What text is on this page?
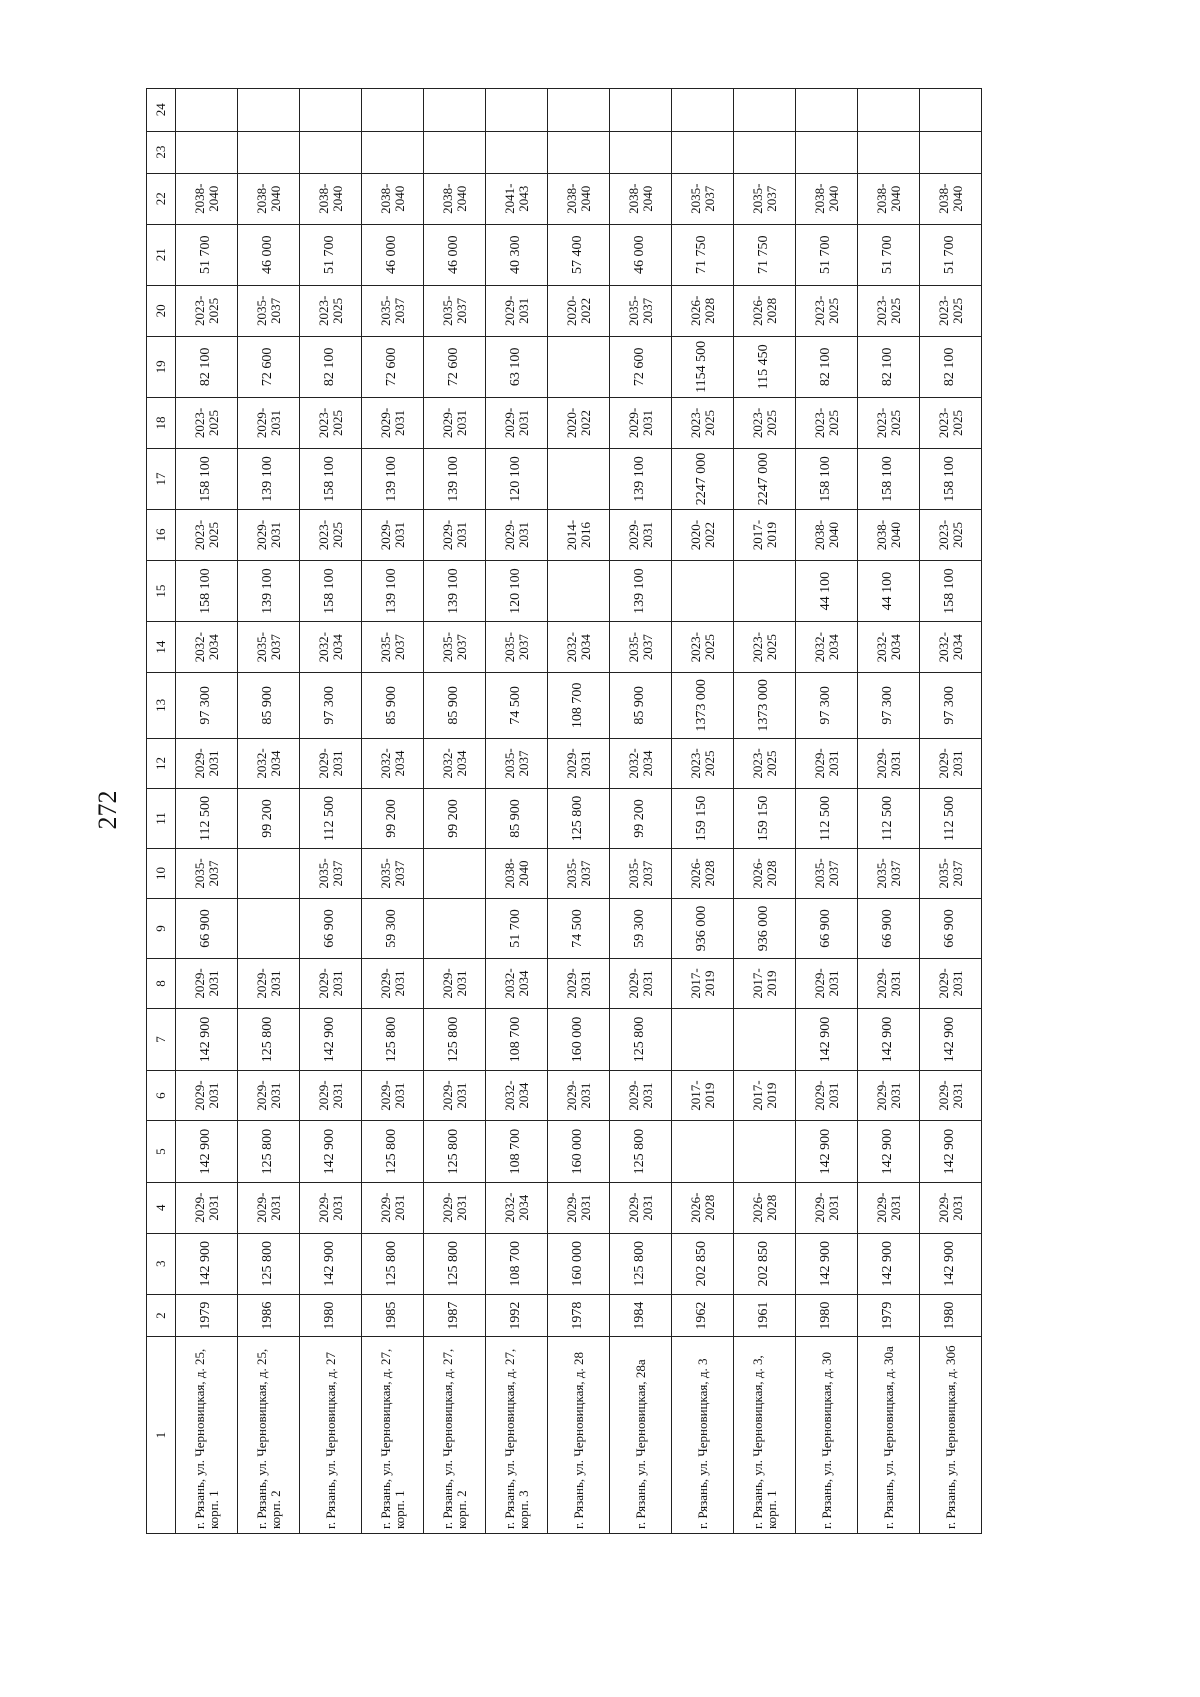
272
1	2	3	4	5	6	7	8	9	10	11	12	13	14	15	16	17	18	19	20	21	22	23	24
г. Рязань, ул. Черновицкая, д. 25, корп. 1	1979	142 900	2029-2031	142 900	2029-2031	142 900	2029-2031	66 900	2035-2037	112 500	2029-2031	97 300	2032-2034	158 100	2023-2025	158 100	2023-2025	82 100	2023-2025	51 700	2038-2040		
г. Рязань, ул. Черновицкая, д. 25, корп. 2	1986	125 800	2029-2031	125 800	2029-2031	125 800	2029-2031			99 200	2032-2034	85 900	2035-2037	139 100	2029-2031	139 100	2029-2031	72 600	2035-2037	46 000	2038-2040		
г. Рязань, ул. Черновицкая, д. 27	1980	142 900	2029-2031	142 900	2029-2031	142 900	2029-2031	66 900	2035-2037	112 500	2029-2031	97 300	2032-2034	158 100	2023-2025	158 100	2023-2025	82 100	2023-2025	51 700	2038-2040		
г. Рязань, ул. Черновицкая, д. 27, корп. 1	1985	125 800	2029-2031	125 800	2029-2031	125 800	2029-2031	59 300	2035-2037	99 200	2032-2034	85 900	2035-2037	139 100	2029-2031	139 100	2029-2031	72 600	2035-2037	46 000	2038-2040		
г. Рязань, ул. Черновицкая, д. 27, корп. 2	1987	125 800	2029-2031	125 800	2029-2031	125 800	2029-2031			99 200	2032-2034	85 900	2035-2037	139 100	2029-2031	139 100	2029-2031	72 600	2035-2037	46 000	2038-2040		
г. Рязань, ул. Черновицкая, д. 27, корп. 3	1992	108 700	2032-2034	108 700	2032-2034	108 700	2032-2034	51 700	2038-2040	85 900	2035-2037	74 500	2035-2037	120 100	2029-2031	120 100	2029-2031	63 100	2029-2031	40 300	2041-2043		
г. Рязань, ул. Черновицкая, д. 28	1978	160 000	2029-2031	160 000	2029-2031	160 000	2029-2031	74 500	2035-2037	125 800	2029-2031	108 700	2032-2034		2014-2016		2020-2022		2020-2022	57 400	2038-2040		
г. Рязань, ул. Черновицкая, 28а	1984	125 800	2029-2031	125 800	2029-2031	125 800	2029-2031	59 300	2035-2037	99 200	2032-2034	85 900	2035-2037	139 100	2029-2031	139 100	2029-2031	72 600	2035-2037	46 000	2038-2040		
г. Рязань, ул. Черновицкая, д. 3	1962	202 850	2026-2028		2017-2019		2017-2019	936 000	2026-2028	159 150	2023-2025	1373 000	2023-2025		2020-2022	2247 000	2023-2025	1154 500	2026-2028	71 750	2035-2037		
г. Рязань, ул. Черновицкая, д. 3, корп. 1	1961	202 850	2026-2028		2017-2019		2017-2019	936 000	2026-2028	159 150	2023-2025	1373 000	2023-2025		2017-2019	2247 000	2023-2025	115 450	2026-2028	71 750	2035-2037		
г. Рязань, ул. Черновицкая, д. 30	1980	142 900	2029-2031	142 900	2029-2031	142 900	2029-2031	66 900	2035-2037	112 500	2029-2031	97 300	2032-2034	44 100	2038-2040	158 100	2023-2025	82 100	2023-2025	51 700	2038-2040		
г. Рязань, ул. Черновицкая, д. 30а	1979	142 900	2029-2031	142 900	2029-2031	142 900	2029-2031	66 900	2035-2037	112 500	2029-2031	97 300	2032-2034	44 100	2038-2040	158 100	2023-2025	82 100	2023-2025	51 700	2038-2040		
г. Рязань, ул. Черновицкая, д. 30б	1980	142 900	2029-2031	142 900	2029-2031	142 900	2029-2031	66 900	2035-2037	112 500	2029-2031	97 300	2032-2034	158 100	2023-2025	158 100	2023-2025	82 100	2023-2025	51 700	2038-2040		
